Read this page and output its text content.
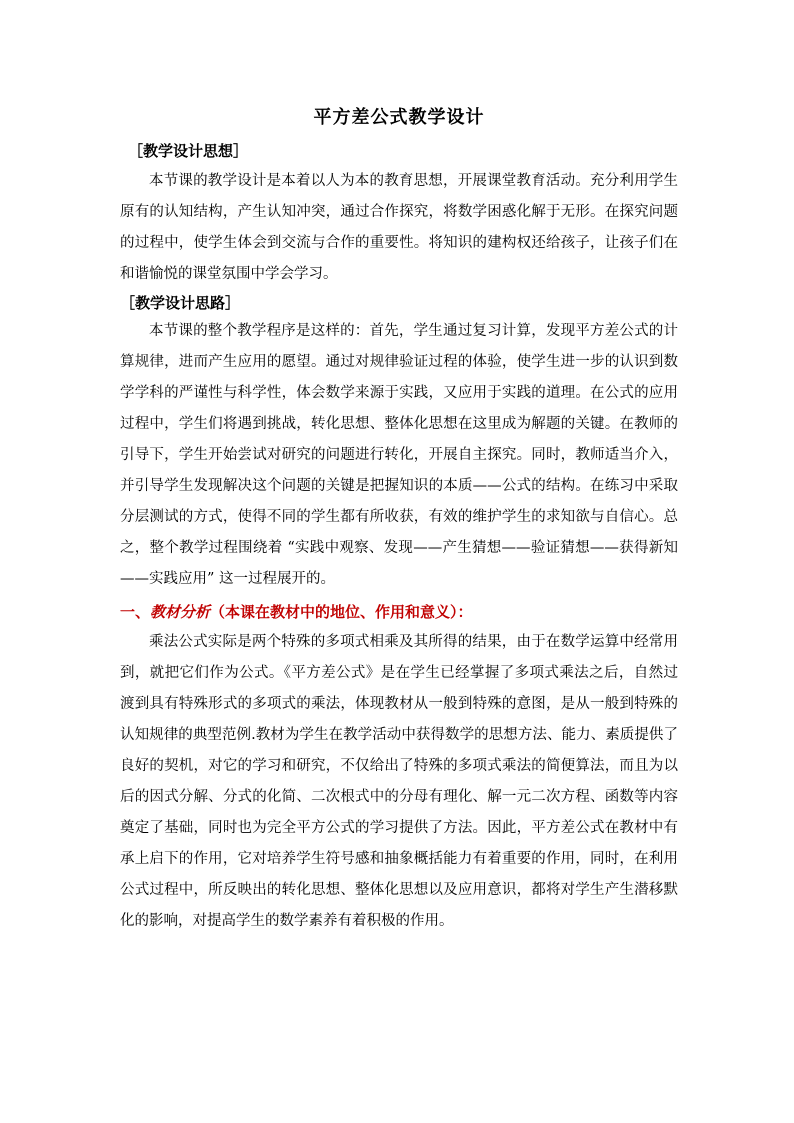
平方差公式教学设计
［教学设计思想］

本节课的教学设计是本着以人为本的教育思想，开展课堂教育活动。充分利用学生原有的认知结构，产生认知冲突，通过合作探究，将数学困惑化解于无形。在探究问题的过程中，使学生体会到交流与合作的重要性。将知识的建构权还给孩子，让孩子们在和谐愉悦的课堂氛围中学会学习。

［教学设计思路］

本节课的整个教学程序是这样的：首先，学生通过复习计算，发现平方差公式的计算规律，进而产生应用的愿望。通过对规律验证过程的体验，使学生进一步的认识到数学学科的严谨性与科学性，体会数学来源于实践，又应用于实践的道理。在公式的应用过程中，学生们将遇到挑战，转化思想、整体化思想在这里成为解题的关键。在教师的引导下，学生开始尝试对研究的问题进行转化，开展自主探究。同时，教师适当介入，并引导学生发现解决这个问题的关键是把握知识的本质——公式的结构。在练习中采取分层测试的方式，使得不同的学生都有所收获，有效的维护学生的求知欲与自信心。总之，整个教学过程围绕着 “实践中观察、发现——产生猜想——验证猜想——获得新知——实践应用” 这一过程展开的。

一、教材分析（本课在教材中的地位、作用和意义）：

乘法公式实际是两个特殊的多项式相乘及其所得的结果，由于在数学运算中经常用到，就把它们作为公式。《平方差公式》是在学生已经掌握了多项式乘法之后，自然过渡到具有特殊形式的多项式的乘法，体现教材从一般到特殊的意图，是从一般到特殊的认知规律的典型范例.教材为学生在教学活动中获得数学的思想方法、能力、素质提供了良好的契机，对它的学习和研究，不仅给出了特殊的多项式乘法的简便算法，而且为以后的因式分解、分式的化简、二次根式中的分母有理化、解一元二次方程、函数等内容奠定了基础，同时也为完全平方公式的学习提供了方法。因此，平方差公式在教材中有承上启下的作用，它对培养学生符号感和抽象概括能力有着重要的作用，同时，在利用公式过程中，所反映出的转化思想、整体化思想以及应用意识，都将对学生产生潜移默化的影响，对提高学生的数学素养有着积极的作用。
